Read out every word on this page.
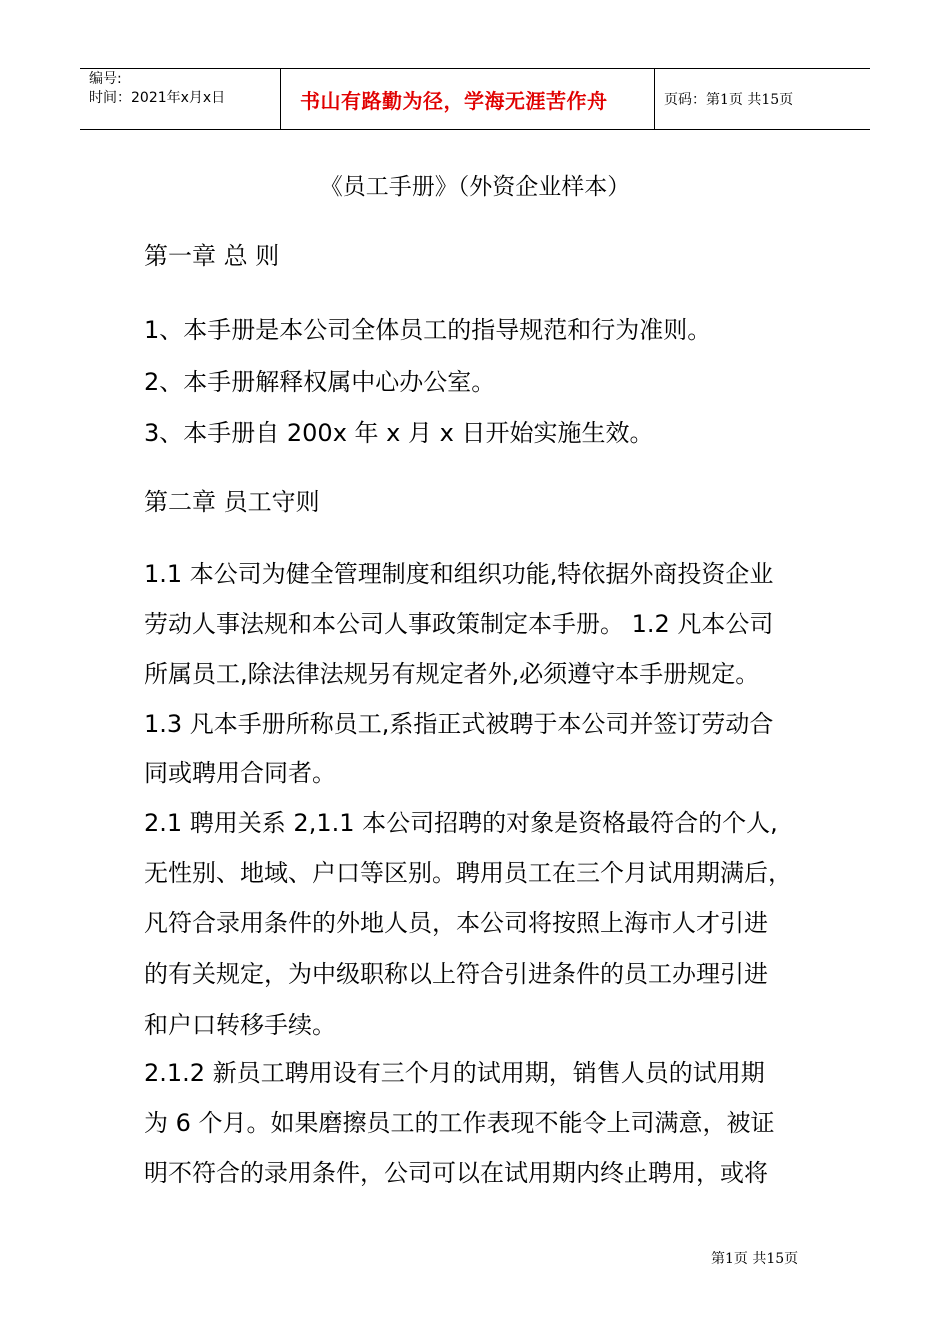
编号:
时间：2021年x月x日	书山有路勤为径，学海无涯苦作舟	页码：第1页 共15页
《员工手册》（外资企业样本）
第一章 总 则
1、本手册是本公司全体员工的指导规范和行为准则。
2、本手册解释权属中心办公室。
3、本手册自 200x 年 x 月 x 日开始实施生效。
第二章 员工守则
1.1 本公司为健全管理制度和组织功能,特依据外商投资企业
劳动人事法规和本公司人事政策制定本手册。 1.2 凡本公司
所属员工,除法律法规另有规定者外,必须遵守本手册规定。
1.3 凡本手册所称员工,系指正式被聘于本公司并签订劳动合
同或聘用合同者。
2.1 聘用关系 2,1.1 本公司招聘的对象是资格最符合的个人,
无性别、地域、户口等区别。聘用员工在三个月试用期满后，
凡符合录用条件的外地人员，本公司将按照上海市人才引进
的有关规定，为中级职称以上符合引进条件的员工办理引进
和户口转移手续。
2.1.2 新员工聘用设有三个月的试用期，销售人员的试用期
为 6 个月。如果磨擦员工的工作表现不能令上司满意，被证
明不符合的录用条件，公司可以在试用期内终止聘用，或将
第1页 共15页
